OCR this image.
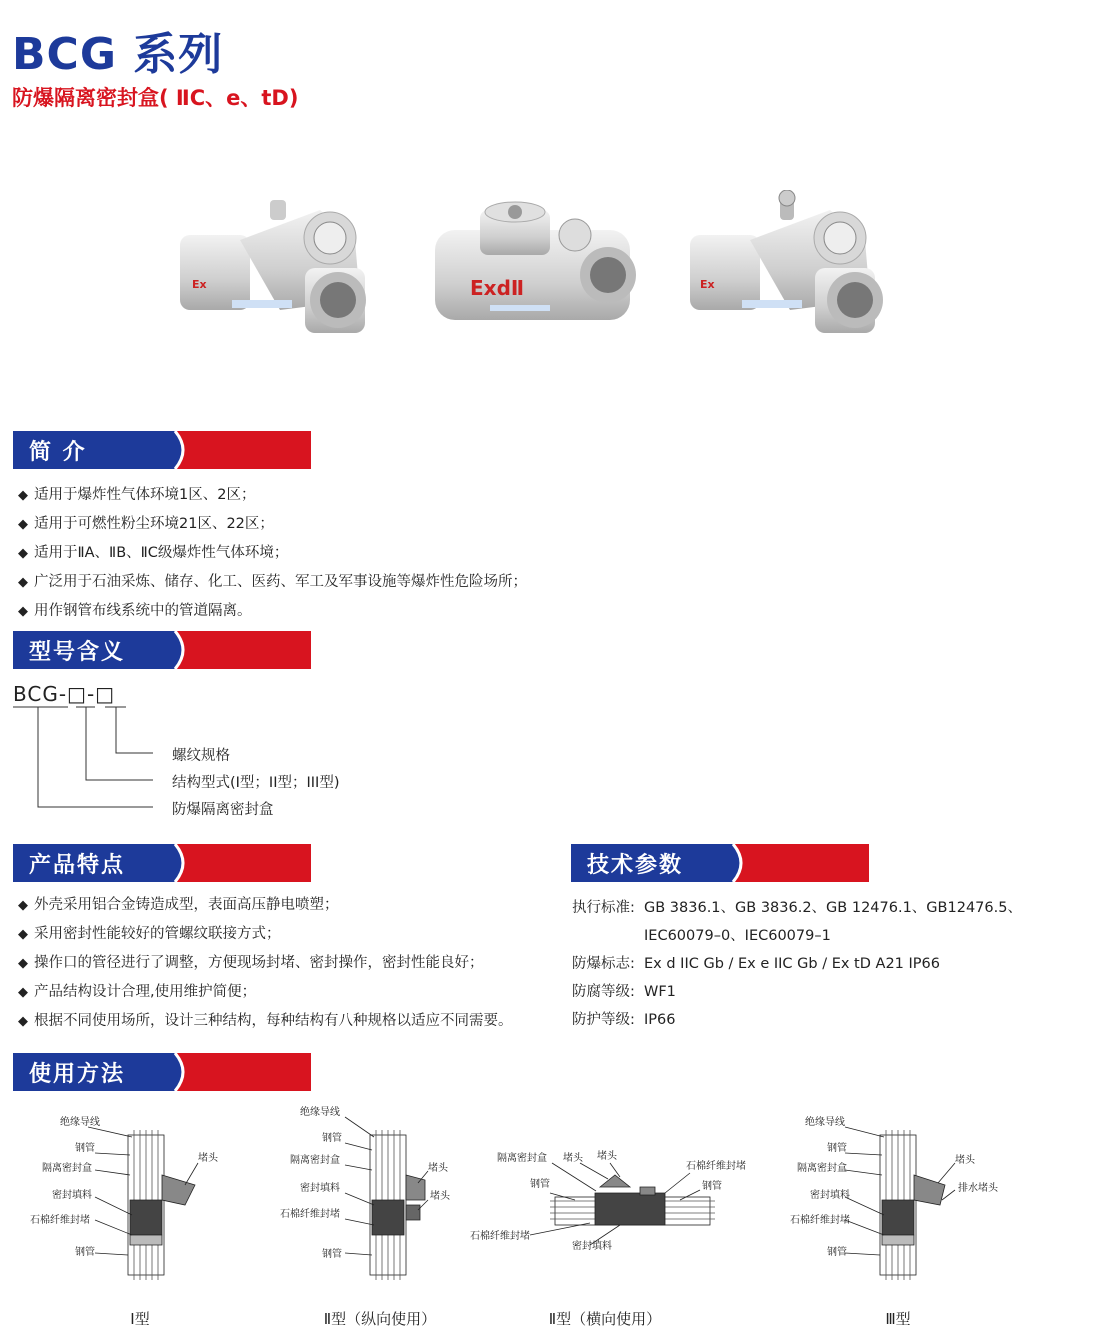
BCG 系列
防爆隔离密封盒( ⅡC、e、tD)
Ex	ExdⅡ	Ex
简 介
◆ 适用于爆炸性气体环境1区、2区；
◆ 适用于可燃性粉尘环境21区、22区；
◆ 适用于ⅡA、ⅡB、ⅡC级爆炸性气体环境；
◆ 广泛用于石油采炼、储存、化工、医药、军工及军事设施等爆炸性危险场所；
◆ 用作钢管布线系统中的管道隔离。
型号含义
BCG-□-□
螺纹规格
结构型式(I型；II型；III型)
防爆隔离密封盒
产品特点
◆ 外壳采用铝合金铸造成型，表面高压静电喷塑；
◆ 采用密封性能较好的管螺纹联接方式；
◆ 操作口的管径进行了调整，方便现场封堵、密封操作，密封性能良好；
◆ 产品结构设计合理,使用维护简便；
◆ 根据不同使用场所，设计三种结构，每种结构有八种规格以适应不同需要。
技术参数
执行标准: GB 3836.1、GB 3836.2、GB 12476.1、GB12476.5、
IEC60079–0、IEC60079–1
防爆标志: Ex d IIC Gb / Ex e IIC Gb / Ex tD A21 IP66
防腐等级: WF1
防护等级: IP66
使用方法
绝缘导线
钢管
隔离密封盒
密封填料
石棉纤维封堵
钢管
堵头
绝缘导线
钢管
隔离密封盒
密封填料
石棉纤维封堵
钢管
堵头
堵头
隔离密封盒 堵头 堵头
石棉纤维封堵
钢管	钢管
石棉纤维封堵
密封填料
绝缘导线
钢管
隔离密封盒
密封填料
石棉纤维封堵
钢管
堵头
排水堵头
Ⅰ型	Ⅱ型（纵向使用）	Ⅱ型（横向使用）	Ⅲ型
